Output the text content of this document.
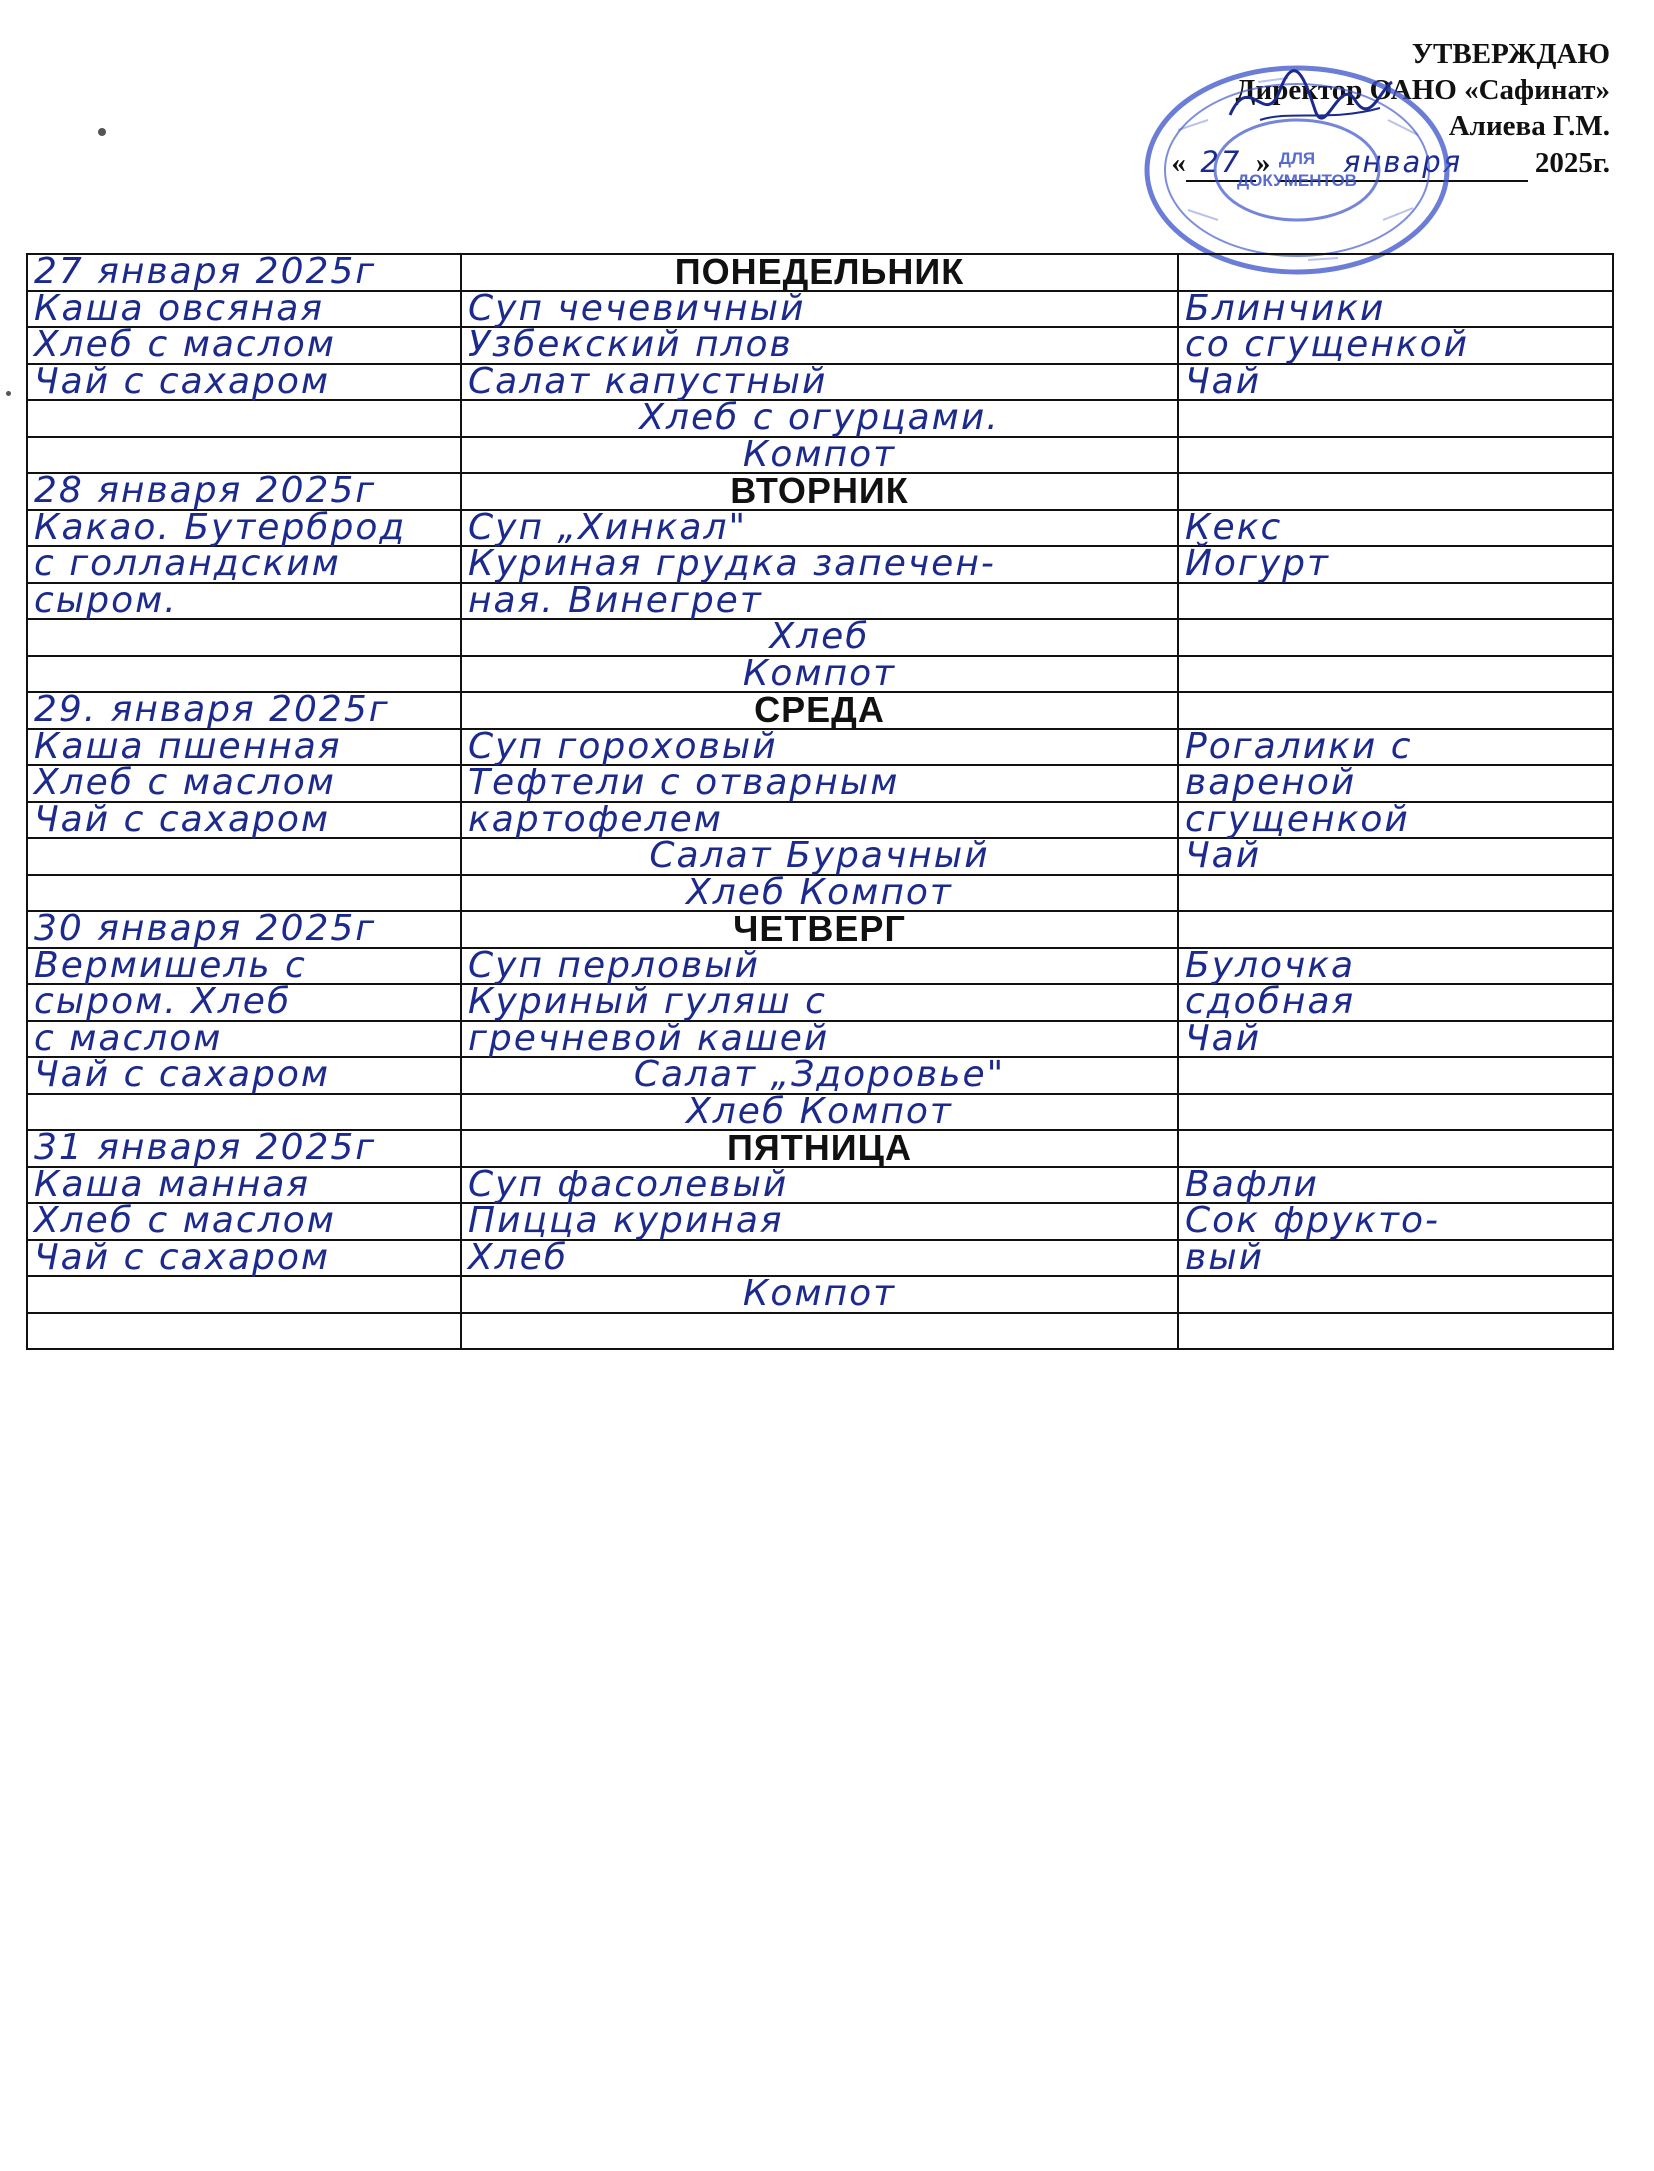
УТВЕРЖДАЮ
Директор ОАНО «Сафинат»
Алиева Г.М.
« 27 »	января	2025г.
ДЛЯ
ДОКУМЕНТОВ
27 января 2025г	ПОНЕДЕЛЬНИК	
Каша овсяная	Суп чечевичный	Блинчики
Хлеб с маслом	Узбекский плов	со сгущенкой
Чай с сахаром	Салат капустный	Чай
	Хлеб с огурцами.	
	Компот	
28 января 2025г	ВТОРНИК	
Какао. Бутерброд	Суп „Хинкал"	Кекс
с голландским	Куриная грудка запечен-	Йогурт
сыром.	ная. Винегрет	
	Хлеб	
	Компот	
29. января 2025г	СРЕДА	
Каша пшенная	Суп гороховый	Рогалики с
Хлеб с маслом	Тефтели с отварным	вареной
Чай с сахаром	картофелем	сгущенкой
	Салат Бурачный	Чай
	Хлеб Компот	
30 января 2025г	ЧЕТВЕРГ	
Вермишель с	Суп перловый	Булочка
сыром. Хлеб	Куриный гуляш с	сдобная
с маслом	гречневой кашей	Чай
Чай с сахаром	Салат „Здоровье"	
	Хлеб Компот	
31 января 2025г	ПЯТНИЦА	
Каша манная	Суп фасолевый	Вафли
Хлеб с маслом	Пицца куриная	Сок фрукто-
Чай с сахаром	Хлеб	вый
	Компот	
